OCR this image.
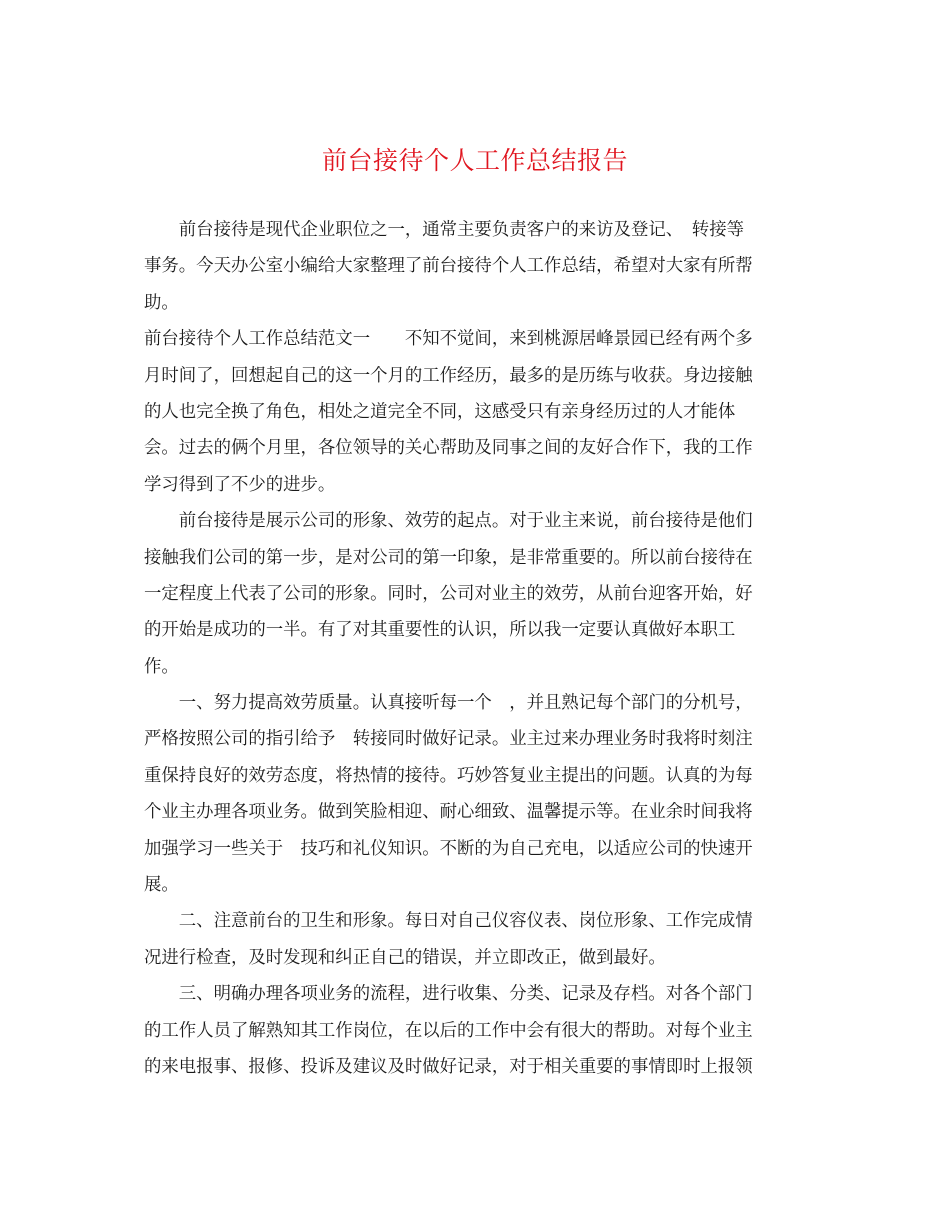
前台接待个人工作总结报告
　　前台接待是现代企业职位之一，通常主要负责客户的来访及登记、　转接等
事务。今天办公室小编给大家整理了前台接待个人工作总结，希望对大家有所帮
助。
前台接待个人工作总结范文一　　不知不觉间，来到桃源居峰景园已经有两个多
月时间了，回想起自己的这一个月的工作经历，最多的是历练与收获。身边接触
的人也完全换了角色，相处之道完全不同，这感受只有亲身经历过的人才能体
会。过去的俩个月里，各位领导的关心帮助及同事之间的友好合作下，我的工作
学习得到了不少的进步。
　　前台接待是展示公司的形象、效劳的起点。对于业主来说，前台接待是他们
接触我们公司的第一步，是对公司的第一印象，是非常重要的。所以前台接待在
一定程度上代表了公司的形象。同时，公司对业主的效劳，从前台迎客开始，好
的开始是成功的一半。有了对其重要性的认识，所以我一定要认真做好本职工
作。
　　一、努力提高效劳质量。认真接听每一个　，并且熟记每个部门的分机号，
严格按照公司的指引给予　转接同时做好记录。业主过来办理业务时我将时刻注
重保持良好的效劳态度，将热情的接待。巧妙答复业主提出的问题。认真的为每
个业主办理各项业务。做到笑脸相迎、耐心细致、温馨提示等。在业余时间我将
加强学习一些关于　技巧和礼仪知识。不断的为自己充电，以适应公司的快速开
展。
　　二、注意前台的卫生和形象。每日对自己仪容仪表、岗位形象、工作完成情
况进行检查，及时发现和纠正自己的错误，并立即改正，做到最好。
　　三、明确办理各项业务的流程，进行收集、分类、记录及存档。对各个部门
的工作人员了解熟知其工作岗位，在以后的工作中会有很大的帮助。对每个业主
的来电报事、报修、投诉及建议及时做好记录，对于相关重要的事情即时上报领
